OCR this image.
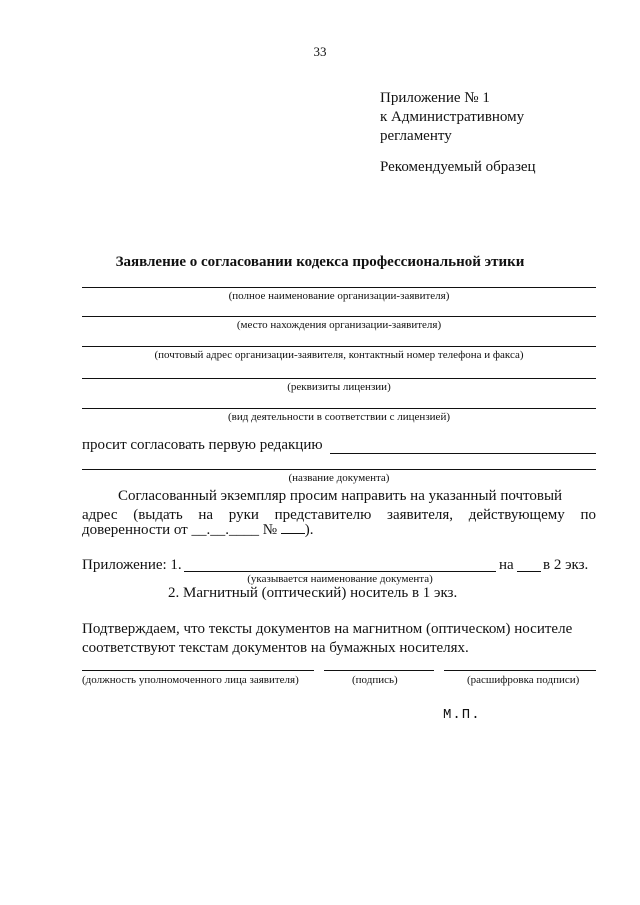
33
Приложение № 1
к Административному
регламенту
Рекомендуемый образец
Заявление о согласовании кодекса профессиональной этики
(полное наименование организации-заявителя)
(место нахождения организации-заявителя)
(почтовый адрес организации-заявителя, контактный номер телефона и факса)
(реквизиты лицензии)
(вид деятельности в соответствии с лицензией)
просит согласовать первую редакцию
(название документа)
Согласованный экземпляр просим направить на указанный почтовый
адрес (выдать на руки представителю заявителя, действующему по
доверенности от __.__.____ № ).
Приложение: 1.	на в 2 экз.
(указывается наименование документа)
2. Магнитный (оптический) носитель в 1 экз.
Подтверждаем, что тексты документов на магнитном (оптическом) носителе
соответствуют текстам документов на бумажных носителях.
(должность уполномоченного лица заявителя)	(подпись)	(расшифровка подписи)
М.П.
